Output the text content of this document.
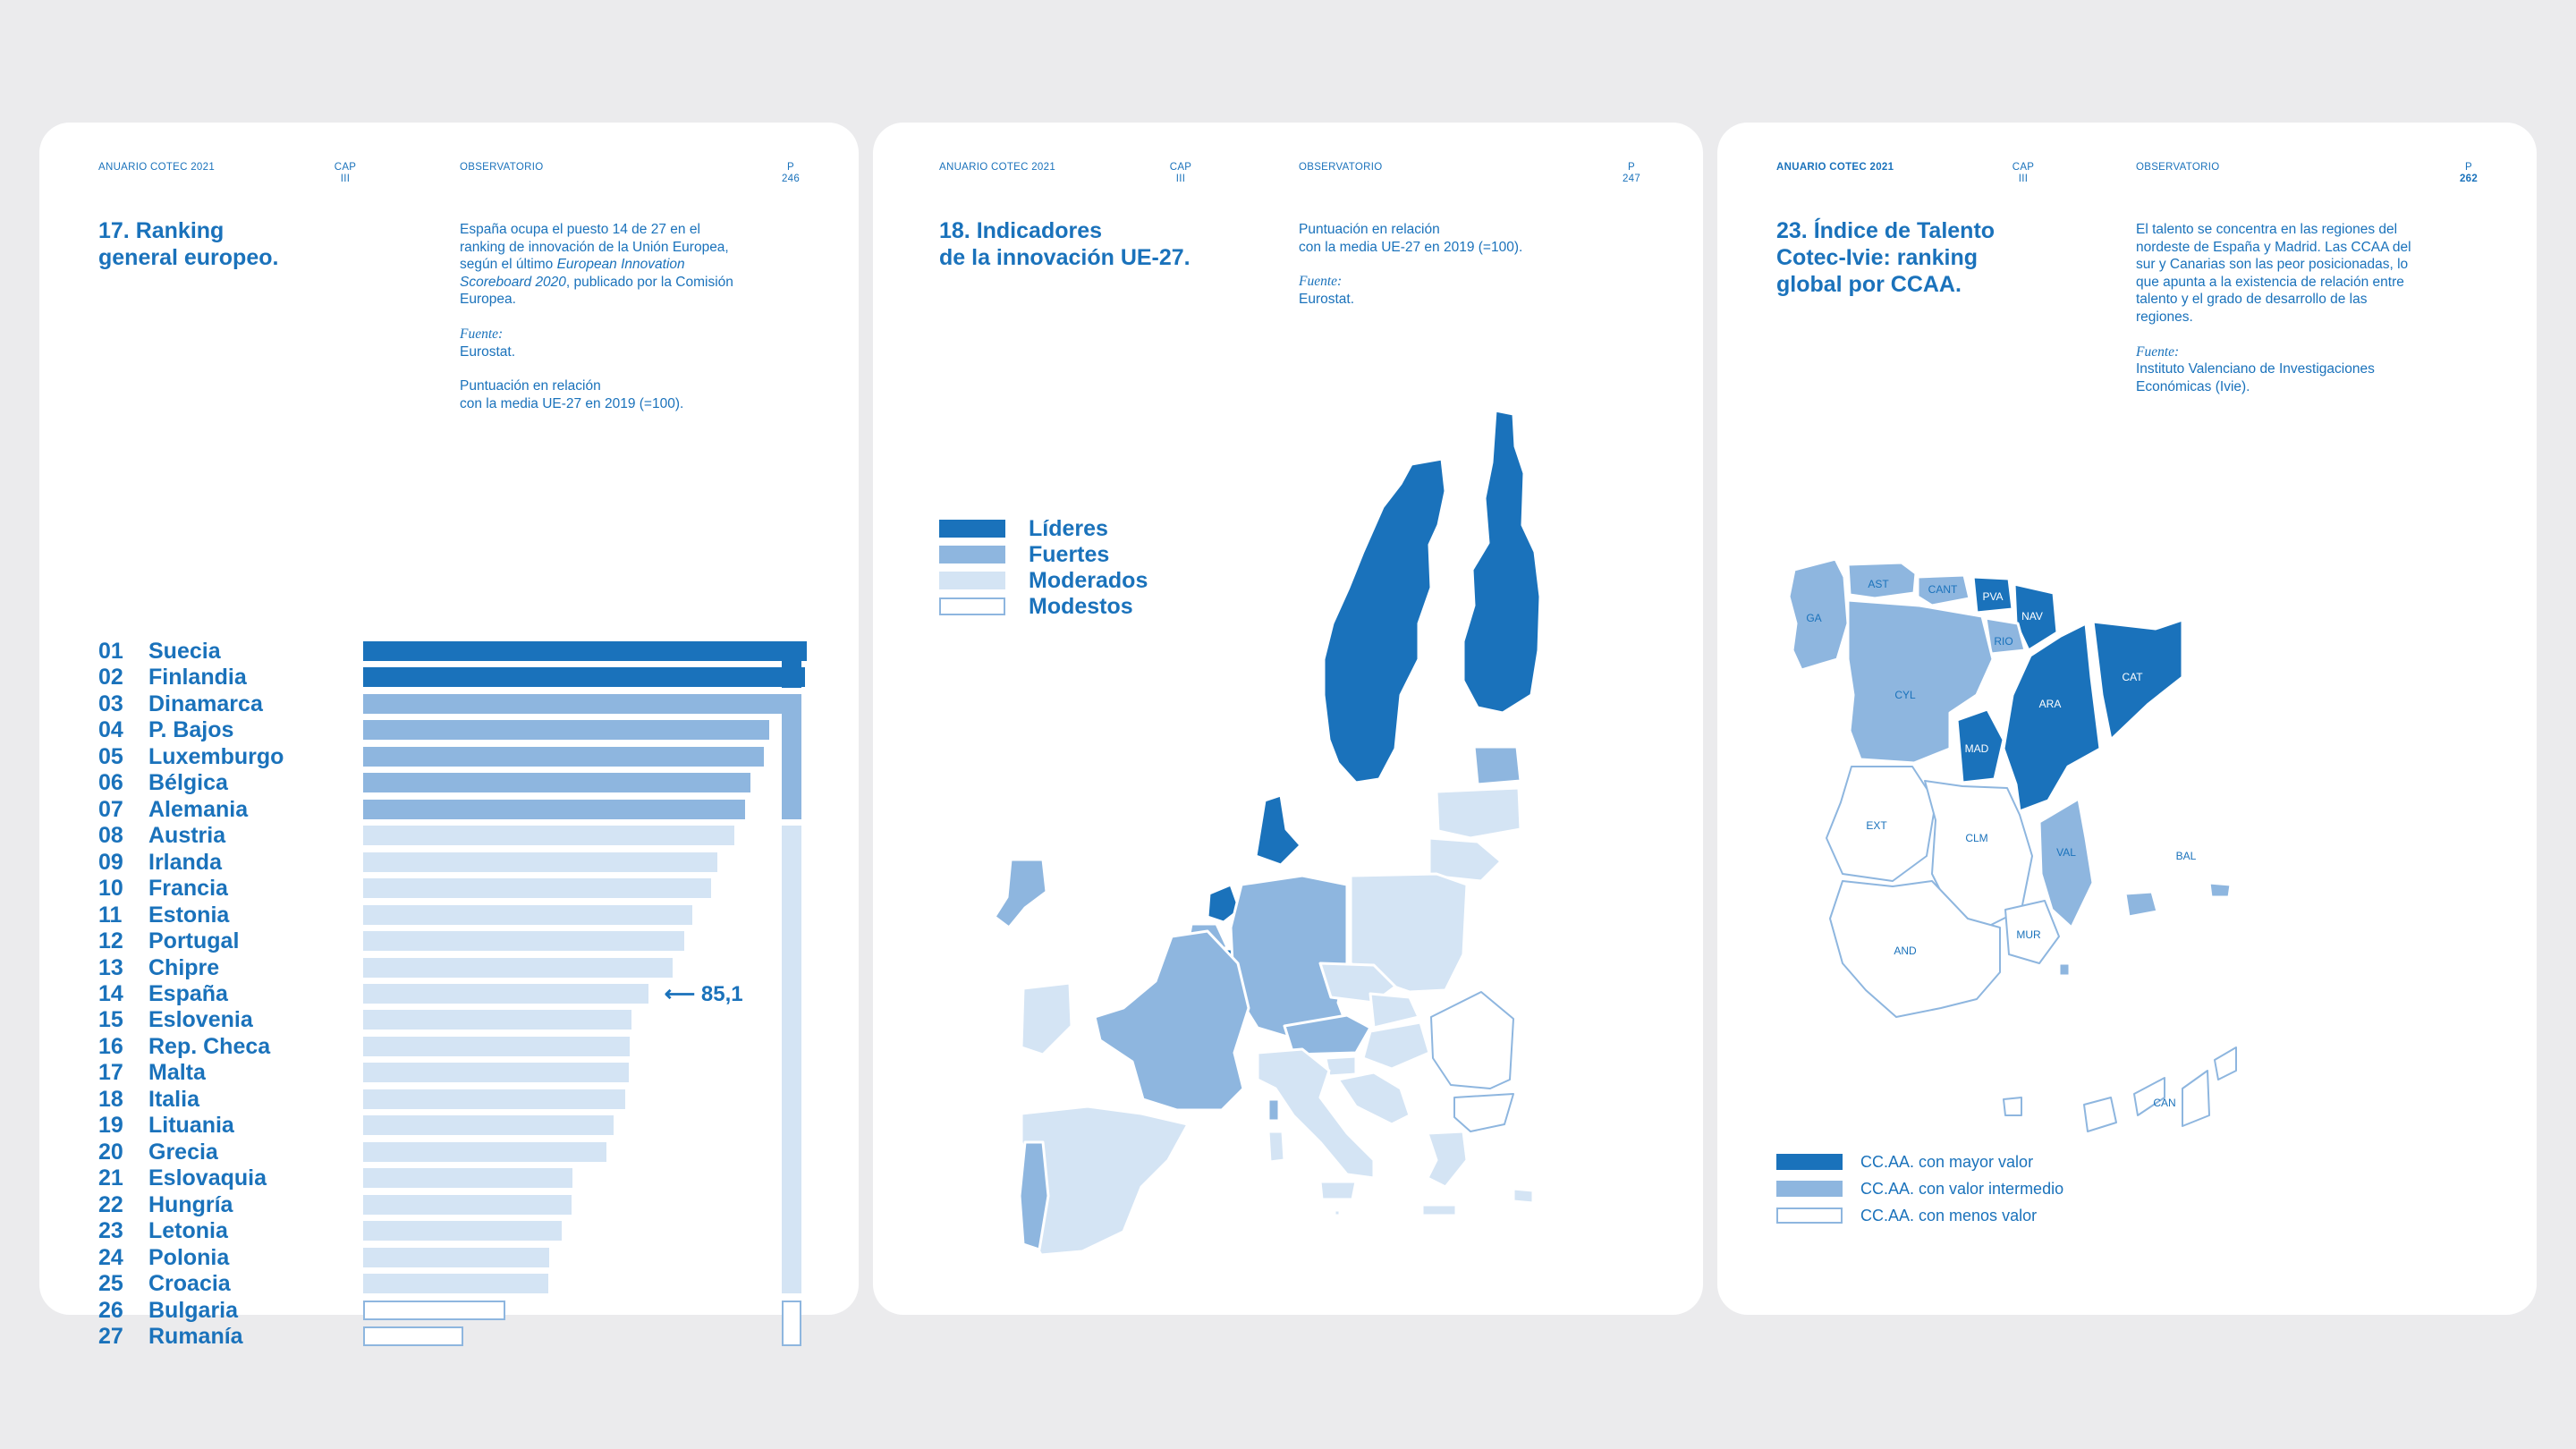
ANUARIO COTEC 2021	CAP
III
OBSERVATORIO	P
246
17. Ranking
general europeo.

España ocupa el puesto 14 de 27 en el ranking de innovación de la Unión Europea, según el último European Innovation Scoreboard 2020, publicado por la Comisión Europea.

Fuente:
Eurostat.

Puntuación en relación
con la media UE-27 en 2019 (=100).

01 Suecia
02 Finlandia
03 Dinamarca
04 P. Bajos
05 Luxemburgo
06 Bélgica
07 Alemania
08 Austria
09 Irlanda
10 Francia
11 Estonia
12 Portugal
13 Chipre
14 España	⟵ 85,1
15 Eslovenia
16 Rep. Checa
17 Malta
18 Italia
19 Lituania
20 Grecia
21 Eslovaquia
22 Hungría
23 Letonia
24 Polonia
25 Croacia
26 Bulgaria
27 Rumanía
ANUARIO COTEC 2021	CAP
III
OBSERVATORIO	P
247
18. Indicadores
de la innovación UE-27.

Puntuación en relación
con la media UE-27 en 2019 (=100).

Fuente:
Eurostat.

Líderes
Fuertes
Moderados
Modestos
ANUARIO COTEC 2021	CAP
III
OBSERVATORIO	P
262
23. Índice de Talento
Cotec-Ivie: ranking
global por CCAA.

El talento se concentra en las regiones del nordeste de España y Madrid. Las CCAA del sur y Canarias son las peor posicionadas, lo que apunta a la existencia de relación entre talento y el grado de desarrollo de las regiones.

Fuente:
Instituto Valenciano de Investigaciones Económicas (Ivie).

GA
AST	CANT
PVA
NAV
RIO
CYL
ARA
CAT
MAD
EXT
CLM
VAL	BAL
MUR
AND
CAN
CC.AA. con mayor valor
CC.AA. con valor intermedio
CC.AA. con menos valor
